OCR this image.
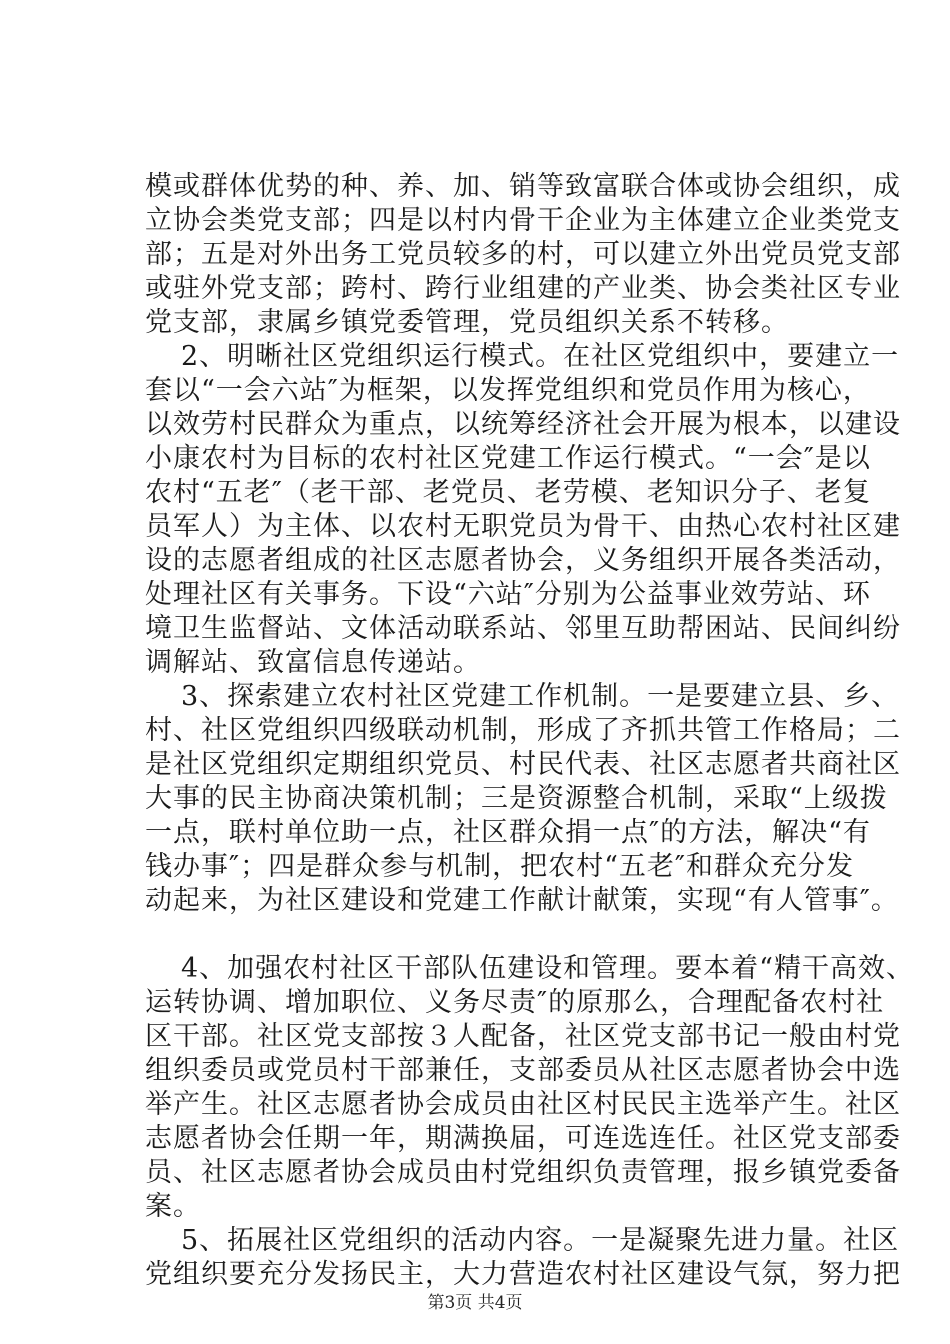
模或群体优势的种、养、加、销等致富联合体或协会组织，成
立协会类党支部；四是以村内骨干企业为主体建立企业类党支
部；五是对外出务工党员较多的村，可以建立外出党员党支部
或驻外党支部；跨村、跨行业组建的产业类、协会类社区专业
党支部，隶属乡镇党委管理，党员组织关系不转移。
2、明晰社区党组织运行模式。在社区党组织中，要建立一
套以“一会六站″为框架，以发挥党组织和党员作用为核心，
以效劳村民群众为重点，以统筹经济社会开展为根本，以建设
小康农村为目标的农村社区党建工作运行模式。“一会″是以
农村“五老″（老干部、老党员、老劳模、老知识分子、老复
员军人）为主体、以农村无职党员为骨干、由热心农村社区建
设的志愿者组成的社区志愿者协会，义务组织开展各类活动，
处理社区有关事务。下设“六站″分别为公益事业效劳站、环
境卫生监督站、文体活动联系站、邻里互助帮困站、民间纠纷
调解站、致富信息传递站。
3、探索建立农村社区党建工作机制。一是要建立县、乡、
村、社区党组织四级联动机制，形成了齐抓共管工作格局；二
是社区党组织定期组织党员、村民代表、社区志愿者共商社区
大事的民主协商决策机制；三是资源整合机制，采取“上级拨
一点，联村单位助一点，社区群众捐一点″的方法，解决“有
钱办事″；四是群众参与机制，把农村“五老″和群众充分发
动起来，为社区建设和党建工作献计献策，实现“有人管事″。
4、加强农村社区干部队伍建设和管理。要本着“精干高效、
运转协调、增加职位、义务尽责″的原那么，合理配备农村社
区干部。社区党支部按３人配备，社区党支部书记一般由村党
组织委员或党员村干部兼任，支部委员从社区志愿者协会中选
举产生。社区志愿者协会成员由社区村民民主选举产生。社区
志愿者协会任期一年，期满换届，可连选连任。社区党支部委
员、社区志愿者协会成员由村党组织负责管理，报乡镇党委备
案。
5、拓展社区党组织的活动内容。一是凝聚先进力量。社区
党组织要充分发扬民主，大力营造农村社区建设气氛，努力把
第3页 共4页
